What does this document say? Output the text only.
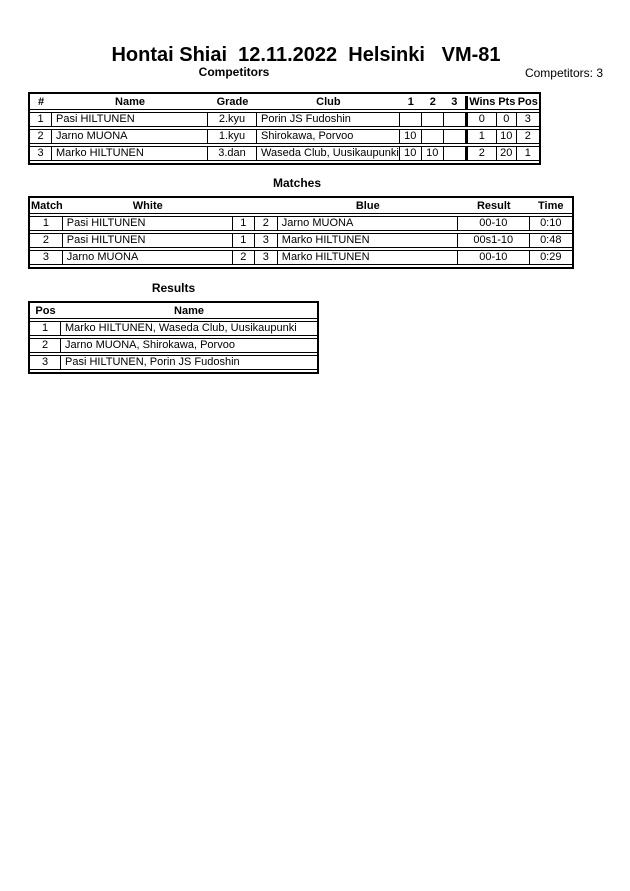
Hontai Shiai  12.11.2022  Helsinki   VM-81
Competitors	Competitors: 3
#	Name	Grade	Club	1	2	3	Wins	Pts	Pos
1	Pasi HILTUNEN	2.kyu	Porin JS Fudoshin				0	0	3
2	Jarno MUONA	1.kyu	Shirokawa, Porvoo	10			1	10	2
3	Marko HILTUNEN	3.dan	Waseda Club, Uusikaupunki	10	10		2	20	1
Matches
Match	White			Blue	Result	Time
1	Pasi HILTUNEN	1	2	Jarno MUONA	00-10	0:10
2	Pasi HILTUNEN	1	3	Marko HILTUNEN	00s1-10	0:48
3	Jarno MUONA	2	3	Marko HILTUNEN	00-10	0:29
Results
Pos	Name
1	Marko HILTUNEN, Waseda Club, Uusikaupunki
2	Jarno MUONA, Shirokawa, Porvoo
3	Pasi HILTUNEN, Porin JS Fudoshin
